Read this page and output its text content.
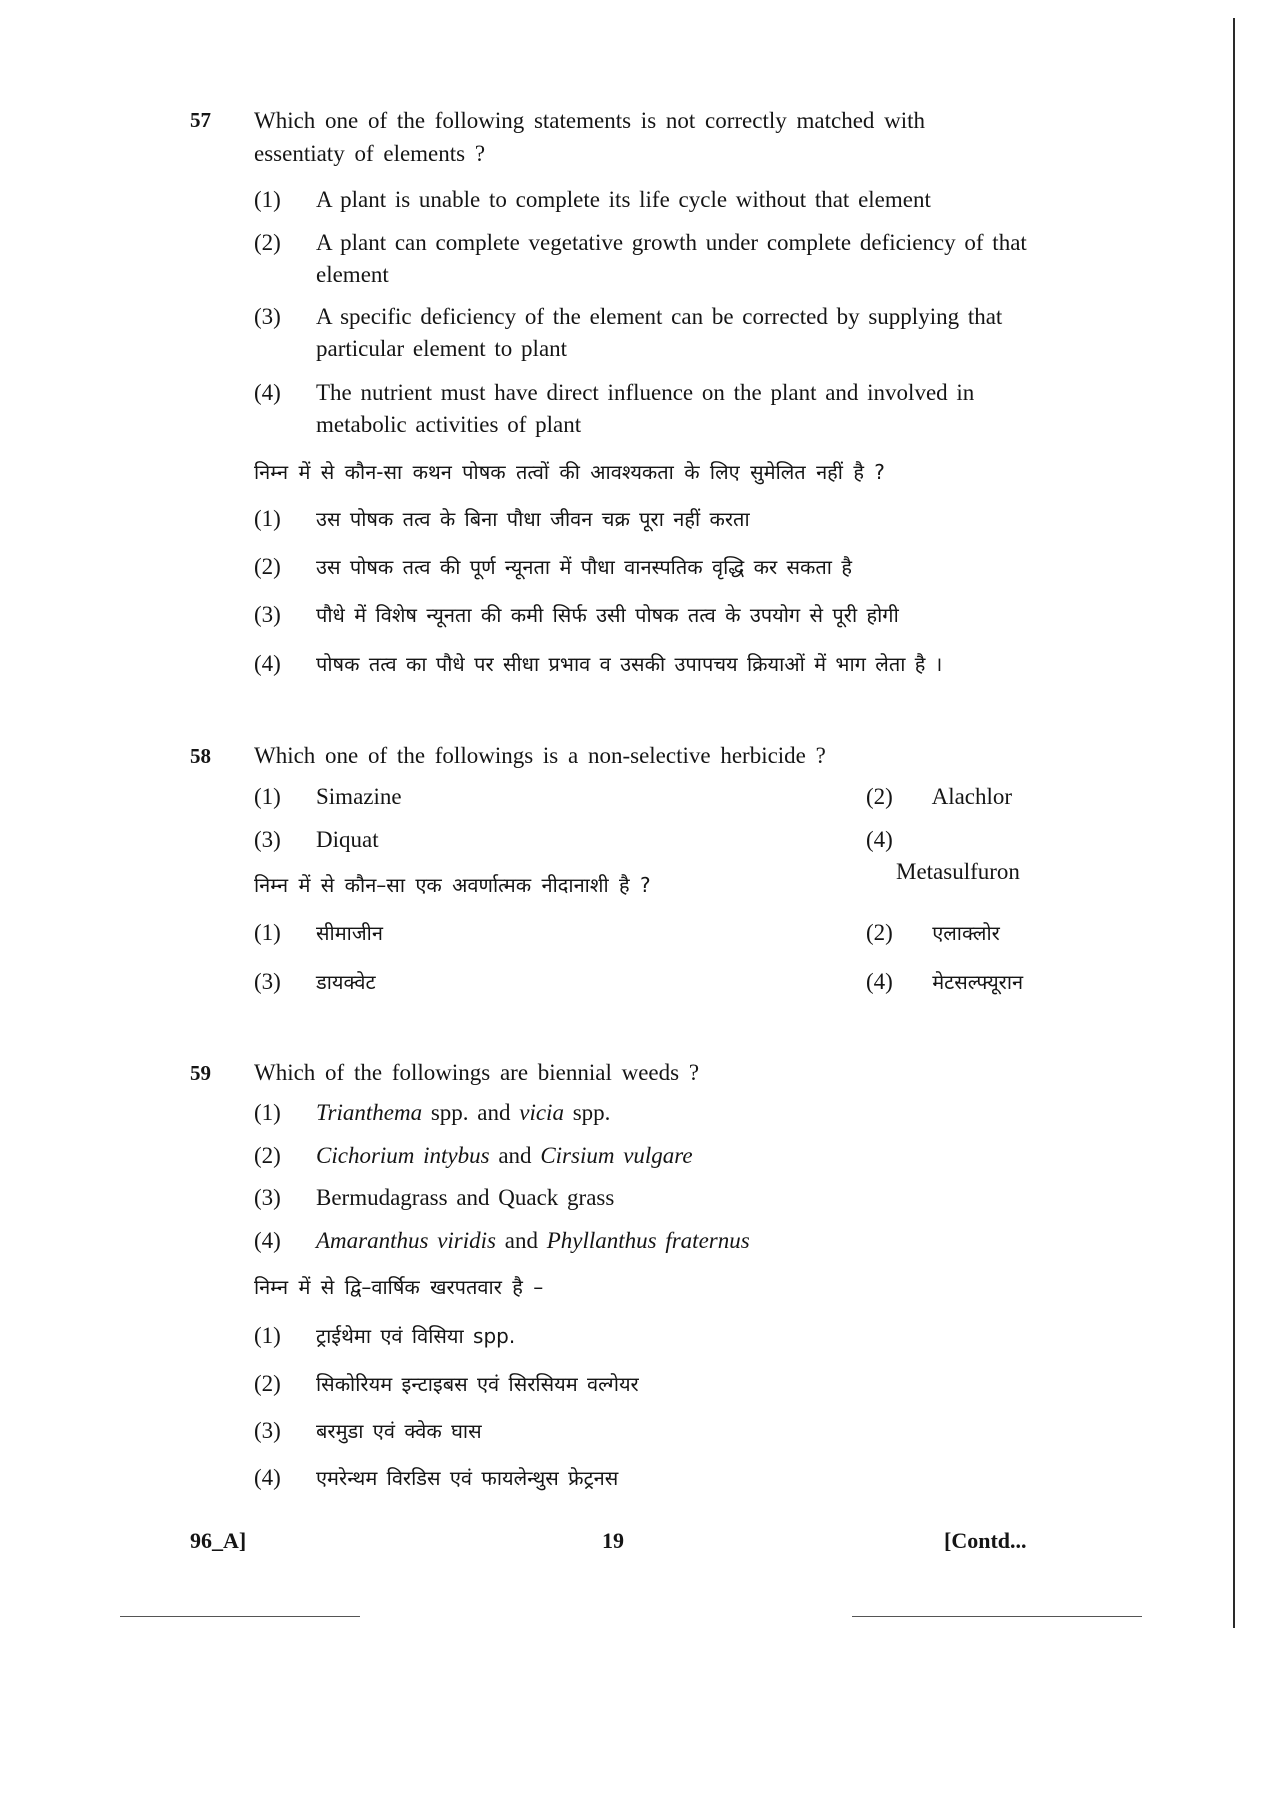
57	Which one of the following statements is not correctly matched with
essentiaty of elements ?
(1)	A plant is unable to complete its life cycle without that element
(2)	A plant can complete vegetative growth under complete deficiency of that element
(3)	A specific deficiency of the element can be corrected by supplying that particular element to plant
(4)	The nutrient must have direct influence on the plant and involved in metabolic activities of plant
निम्न में से कौन-सा कथन पोषक तत्वों की आवश्यकता के लिए सुमेलित नहीं है ?
(1)	उस पोषक तत्व के बिना पौधा जीवन चक्र पूरा नहीं करता
(2)	उस पोषक तत्व की पूर्ण न्यूनता में पौधा वानस्पतिक वृद्धि कर सकता है
(3)	पौधे में विशेष न्यूनता की कमी सिर्फ उसी पोषक तत्व के उपयोग से पूरी होगी
(4)	पोषक तत्व का पौधे पर सीधा प्रभाव व उसकी उपापचय क्रियाओं में भाग लेता है ।
58	Which one of the followings is a non-selective herbicide ?
(1)	Simazine	(2) Alachlor
(3)	Diquat	(4) Metasulfuron
निम्न में से कौन–सा एक अवर्णात्मक नीदानाशी है ?
(1)	सीमाजीन	(2) एलाक्लोर
(3)	डायक्वेट	(4) मेटसल्फ्यूरान
59	Which of the followings are biennial weeds ?
(1)	Trianthema spp. and vicia spp.
(2)	Cichorium intybus and Cirsium vulgare
(3)	Bermudagrass and Quack grass
(4)	Amaranthus viridis and Phyllanthus fraternus
निम्न में से द्वि–वार्षिक खरपतवार है –
(1)	ट्राईथेमा एवं विसिया spp.
(2)	सिकोरियम इन्टाइबस एवं सिरसियम वल्गेयर
(3)	बरमुडा एवं क्वेक घास
(4)	एमरेन्थम विरडिस एवं फायलेन्थुस फ्रेट्रनस
96_A]	19	[Contd...
